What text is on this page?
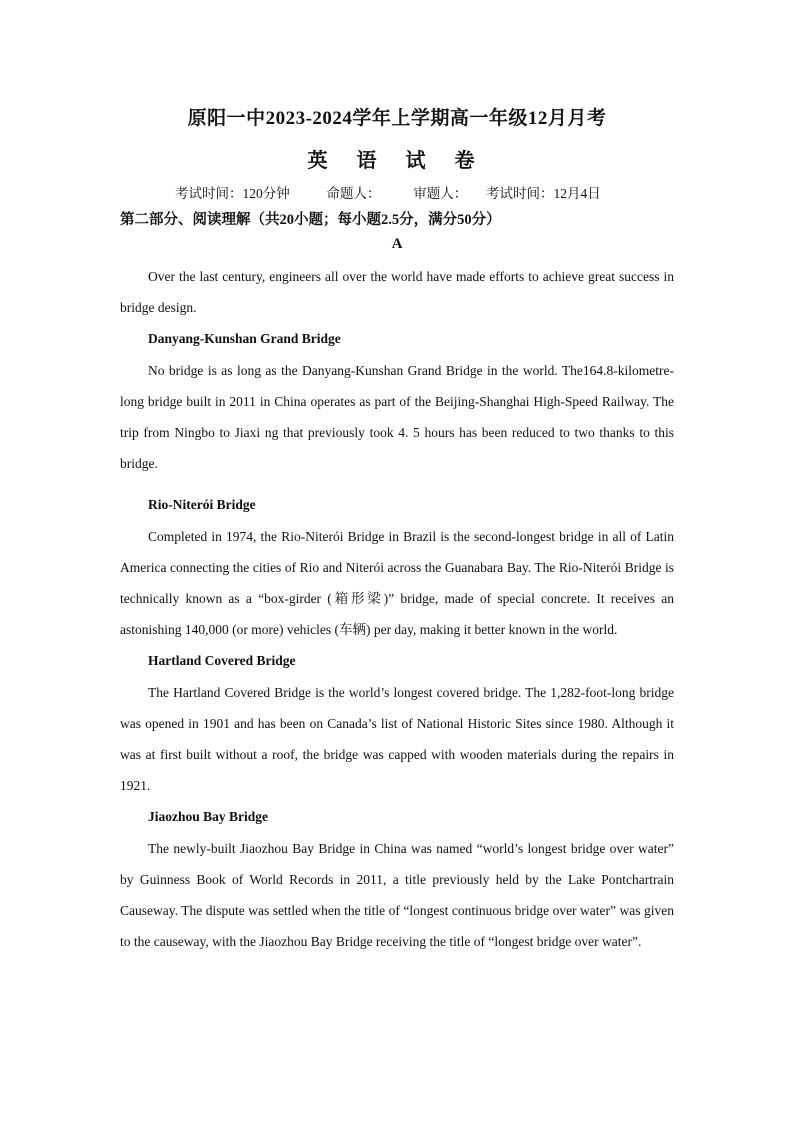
原阳一中2023-2024学年上学期高一年级12月月考
英 语 试 卷
考试时间：120分钟	命题人： 审题人： 考试时间：12月4日
第二部分、阅读理解（共20小题；每小题2.5分，满分50分）
A

Over the last century, engineers all over the world have made efforts to achieve great success in bridge design.

Danyang-Kunshan Grand Bridge

No bridge is as long as the Danyang-Kunshan Grand Bridge in the world. The164.8-kilometre-long bridge built in 2011 in China operates as part of the Beijing-Shanghai High-Speed Railway. The trip from Ningbo to Jiaxi ng that previously took 4. 5 hours has been reduced to two thanks to this bridge.

Rio-Niterói Bridge

Completed in 1974, the Rio-Niterói Bridge in Brazil is the second-longest bridge in all of Latin America connecting the cities of Rio and Niterói across the Guanabara Bay. The Rio-Niterói Bridge is technically known as a “box-girder (箱形梁)” bridge, made of special concrete. It receives an astonishing 140,000 (or more) vehicles (车辆) per day, making it better known in the world.

Hartland Covered Bridge

The Hartland Covered Bridge is the world’s longest covered bridge. The 1,282-foot-long bridge was opened in 1901 and has been on Canada’s list of National Historic Sites since 1980. Although it was at first built without a roof, the bridge was capped with wooden materials during the repairs in 1921.

Jiaozhou Bay Bridge

The newly-built Jiaozhou Bay Bridge in China was named “world’s longest bridge over water” by Guinness Book of World Records in 2011, a title previously held by the Lake Pontchartrain Causeway. The dispute was settled when the title of “longest continuous bridge over water” was given to the causeway, with the Jiaozhou Bay Bridge receiving the title of “longest bridge over water”.
